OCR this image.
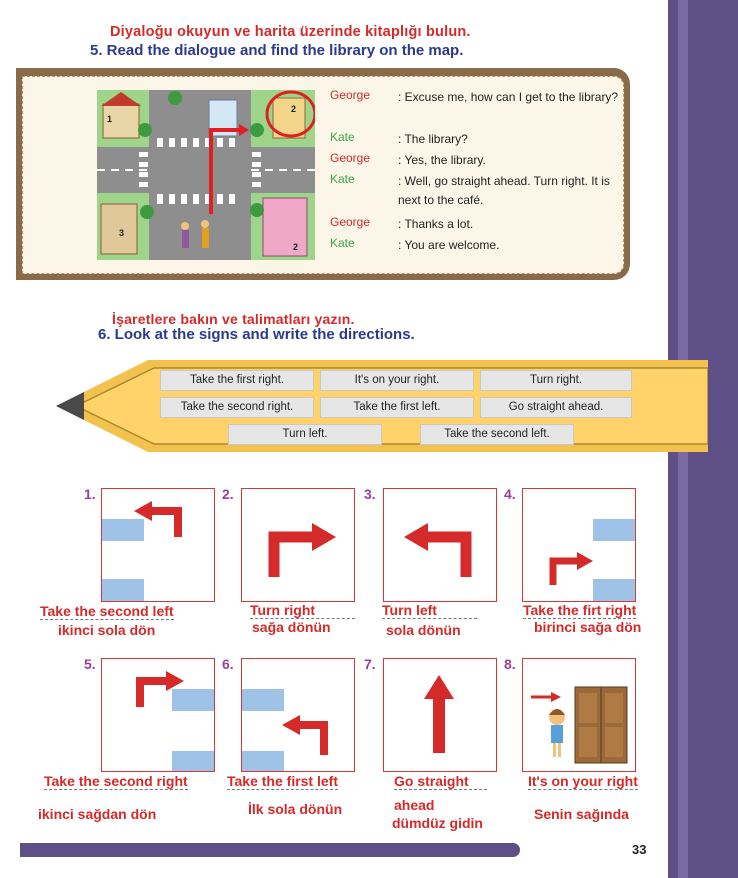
Diyaloğu okuyun ve harita üzerinde kitaplığı bulun.
5. Read the dialogue and find the library on the map.
1
2
3
2
George	: Excuse me, how can I get to the library?
Kate	: The library?
George	: Yes, the library.
Kate	: Well, go straight ahead. Turn right. It is next to the café.
George	: Thanks a lot.
Kate	: You are welcome.
İşaretlere bakın ve talimatları yazın.
6. Look at the signs and write the directions.
Take the first right.	It's on your right.	Turn right.
Take the second right.	Take the first left.	Go straight ahead.
Turn left.	Take the second left.
1.	2.	3.	4.
Take the second left
ikinci sola dön
Turn right
sağa dönün
Turn left
sola dönün
Take the firt right
birinci sağa dön
5.	6.	7.	8.
Take the second right
ikinci sağdan dön
Take the first left
İlk sola dönün
Go straight
ahead
dümdüz gidin
It's on your right
Senin sağında
33
